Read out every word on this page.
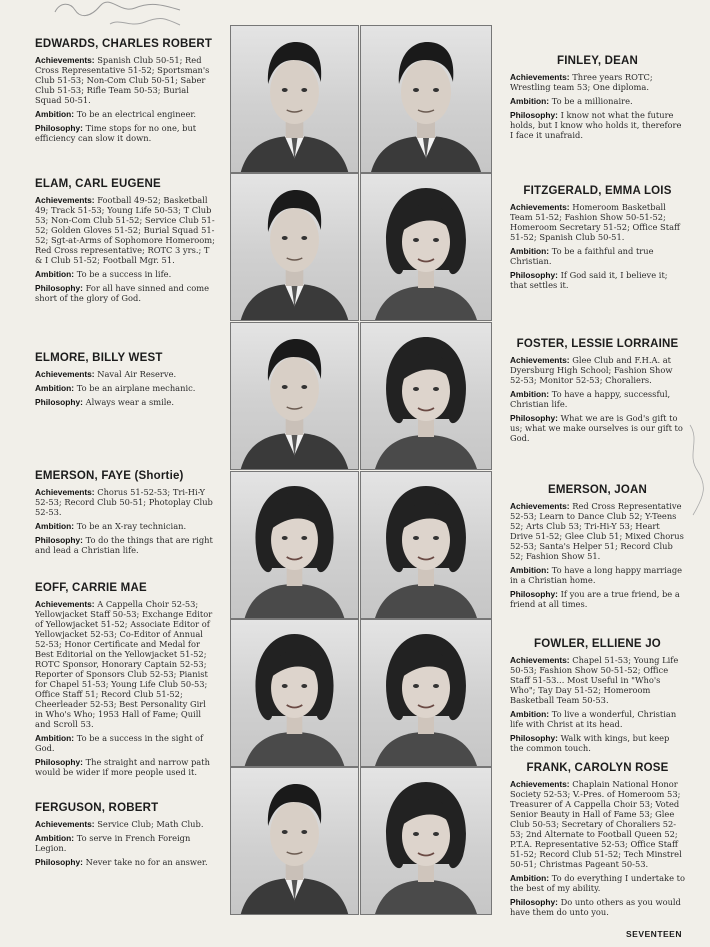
EDWARDS, CHARLES ROBERT
Achievements: Spanish Club 50-51; Red Cross Representative 51-52; Sportsman's Club 51-53; Non-Com Club 50-51; Saber Club 51-53; Rifle Team 50-53; Burial Squad 50-51.
Ambition: To be an electrical engineer.
Philosophy: Time stops for no one, but efficiency can slow it down.
ELAM, CARL EUGENE
Achievements: Football 49-52; Basketball 49; Track 51-53; Young Life 50-53; T Club 53; Non-Com Club 51-52; Service Club 51-52; Golden Gloves 51-52; Burial Squad 51-52; Sgt-at-Arms of Sophomore Homeroom; Red Cross representative; ROTC 3 yrs.; T & I Club 51-52; Football Mgr. 51.
Ambition: To be a success in life.
Philosophy: For all have sinned and come short of the glory of God.
ELMORE, BILLY WEST
Achievements: Naval Air Reserve.
Ambition: To be an airplane mechanic.
Philosophy: Always wear a smile.
EMERSON, FAYE (Shortie)
Achievements: Chorus 51-52-53; Tri-Hi-Y 52-53; Record Club 50-51; Photoplay Club 52-53.
Ambition: To be an X-ray technician.
Philosophy: To do the things that are right and lead a Christian life.
EOFF, CARRIE MAE
Achievements: A Cappella Choir 52-53; Yellowjacket Staff 50-53; Exchange Editor of Yellowjacket 51-52; Associate Editor of Yellowjacket 52-53; Co-Editor of Annual 52-53; Honor Certificate and Medal for Best Editorial on the Yellowjacket 51-52; ROTC Sponsor, Honorary Captain 52-53; Reporter of Sponsors Club 52-53; Pianist for Chapel 51-53; Young Life Club 50-53; Office Staff 51; Record Club 51-52; Cheerleader 52-53; Best Personality Girl in Who's Who; 1953 Hall of Fame; Quill and Scroll 53.
Ambition: To be a success in the sight of God.
Philosophy: The straight and narrow path would be wider if more people used it.
FERGUSON, ROBERT
Achievements: Service Club; Math Club.
Ambition: To serve in French Foreign Legion.
Philosophy: Never take no for an answer.
FINLEY, DEAN
Achievements: Three years ROTC; Wrestling team 53; One diploma.
Ambition: To be a millionaire.
Philosophy: I know not what the future holds, but I know who holds it, therefore I face it unafraid.
FITZGERALD, EMMA LOIS
Achievements: Homeroom Basketball Team 51-52; Fashion Show 50-51-52; Homeroom Secretary 51-52; Office Staff 51-52; Spanish Club 50-51.
Ambition: To be a faithful and true Christian.
Philosophy: If God said it, I believe it; that settles it.
FOSTER, LESSIE LORRAINE
Achievements: Glee Club and F.H.A. at Dyersburg High School; Fashion Show 52-53; Monitor 52-53; Choraliers.
Ambition: To have a happy, successful, Christian life.
Philosophy: What we are is God's gift to us; what we make ourselves is our gift to God.
EMERSON, JOAN
Achievements: Red Cross Representative 52-53; Learn to Dance Club 52; Y-Teens 52; Arts Club 53; Tri-Hi-Y 53; Heart Drive 51-52; Glee Club 51; Mixed Chorus 52-53; Santa's Helper 51; Record Club 52; Fashion Show 51.
Ambition: To have a long happy marriage in a Christian home.
Philosophy: If you are a true friend, be a friend at all times.
FOWLER, ELLIENE JO
Achievements: Chapel 51-53; Young Life 50-53; Fashion Show 50-51-52; Office Staff 51-53... Most Useful in "Who's Who"; Tay Day 51-52; Homeroom Basketball Team 50-53.
Ambition: To live a wonderful, Christian life with Christ at its head.
Philosophy: Walk with kings, but keep the common touch.
FRANK, CAROLYN ROSE
Achievements: Chaplain National Honor Society 52-53; V.-Pres. of Homeroom 53; Treasurer of A Cappella Choir 53; Voted Senior Beauty in Hall of Fame 53; Glee Club 50-53; Secretary of Choraliers 52-53; 2nd Alternate to Football Queen 52; P.T.A. Representative 52-53; Office Staff 51-52; Record Club 51-52; Tech Minstrel 50-51; Christmas Pageant 50-53.
Ambition: To do everything I undertake to the best of my ability.
Philosophy: Do unto others as you would have them do unto you.
SEVENTEEN
